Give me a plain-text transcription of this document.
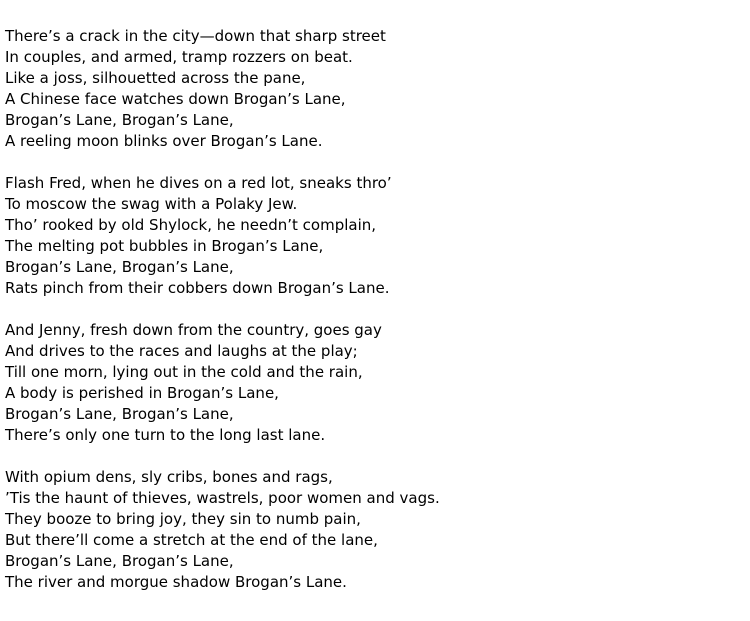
There’s a crack in the city—down that sharp street
In couples, and armed, tramp rozzers on beat.
Like a joss, silhouetted across the pane,
A Chinese face watches down Brogan’s Lane,
Brogan’s Lane, Brogan’s Lane,
A reeling moon blinks over Brogan’s Lane.
Flash Fred, when he dives on a red lot, sneaks thro’
To moscow the swag with a Polaky Jew.
Tho’ rooked by old Shylock, he needn’t complain,
The melting pot bubbles in Brogan’s Lane,
Brogan’s Lane, Brogan’s Lane,
Rats pinch from their cobbers down Brogan’s Lane.
And Jenny, fresh down from the country, goes gay
And drives to the races and laughs at the play;
Till one morn, lying out in the cold and the rain,
A body is perished in Brogan’s Lane,
Brogan’s Lane, Brogan’s Lane,
There’s only one turn to the long last lane.
With opium dens, sly cribs, bones and rags,
’Tis the haunt of thieves, wastrels, poor women and vags.
They booze to bring joy, they sin to numb pain,
But there’ll come a stretch at the end of the lane,
Brogan’s Lane, Brogan’s Lane,
The river and morgue shadow Brogan’s Lane.
